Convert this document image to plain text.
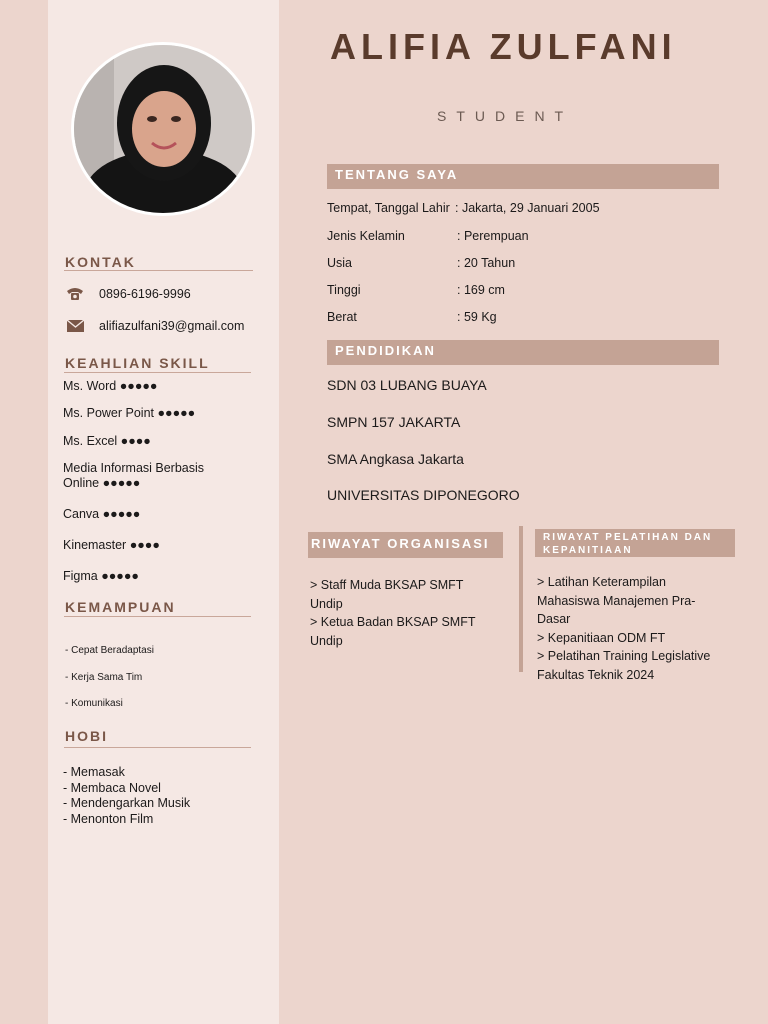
KONTAK
0896-6196-9996
alifiazulfani39@gmail.com
KEAHLIAN SKILL
Ms. Word ●●●●●
Ms. Power Point ●●●●●
Ms. Excel ●●●●
Media Informasi Berbasis
Online ●●●●●
Canva ●●●●●
Kinemaster ●●●●
Figma ●●●●●
KEMAMPUAN
- Cepat Beradaptasi
- Kerja Sama Tim
- Komunikasi
HOBI
- Memasak
- Membaca Novel
- Mendengarkan Musik
- Menonton Film
ALIFIA ZULFANI
STUDENT
TENTANG SAYA
Tempat, Tanggal Lahir : Jakarta, 29 Januari 2005
Jenis Kelamin	: Perempuan
Usia	: 20 Tahun
Tinggi	: 169 cm
Berat	: 59 Kg
PENDIDIKAN
SDN 03 LUBANG BUAYA
SMPN 157 JAKARTA
SMA Angkasa Jakarta
UNIVERSITAS DIPONEGORO
RIWAYAT ORGANISASI
> Staff Muda BKSAP SMFT
Undip
> Ketua Badan BKSAP SMFT
Undip
RIWAYAT PELATIHAN DAN
KEPANITIAAN
> Latihan Keterampilan
Mahasiswa Manajemen Pra-
Dasar
> Kepanitiaan ODM FT
> Pelatihan Training Legislative
Fakultas Teknik 2024
